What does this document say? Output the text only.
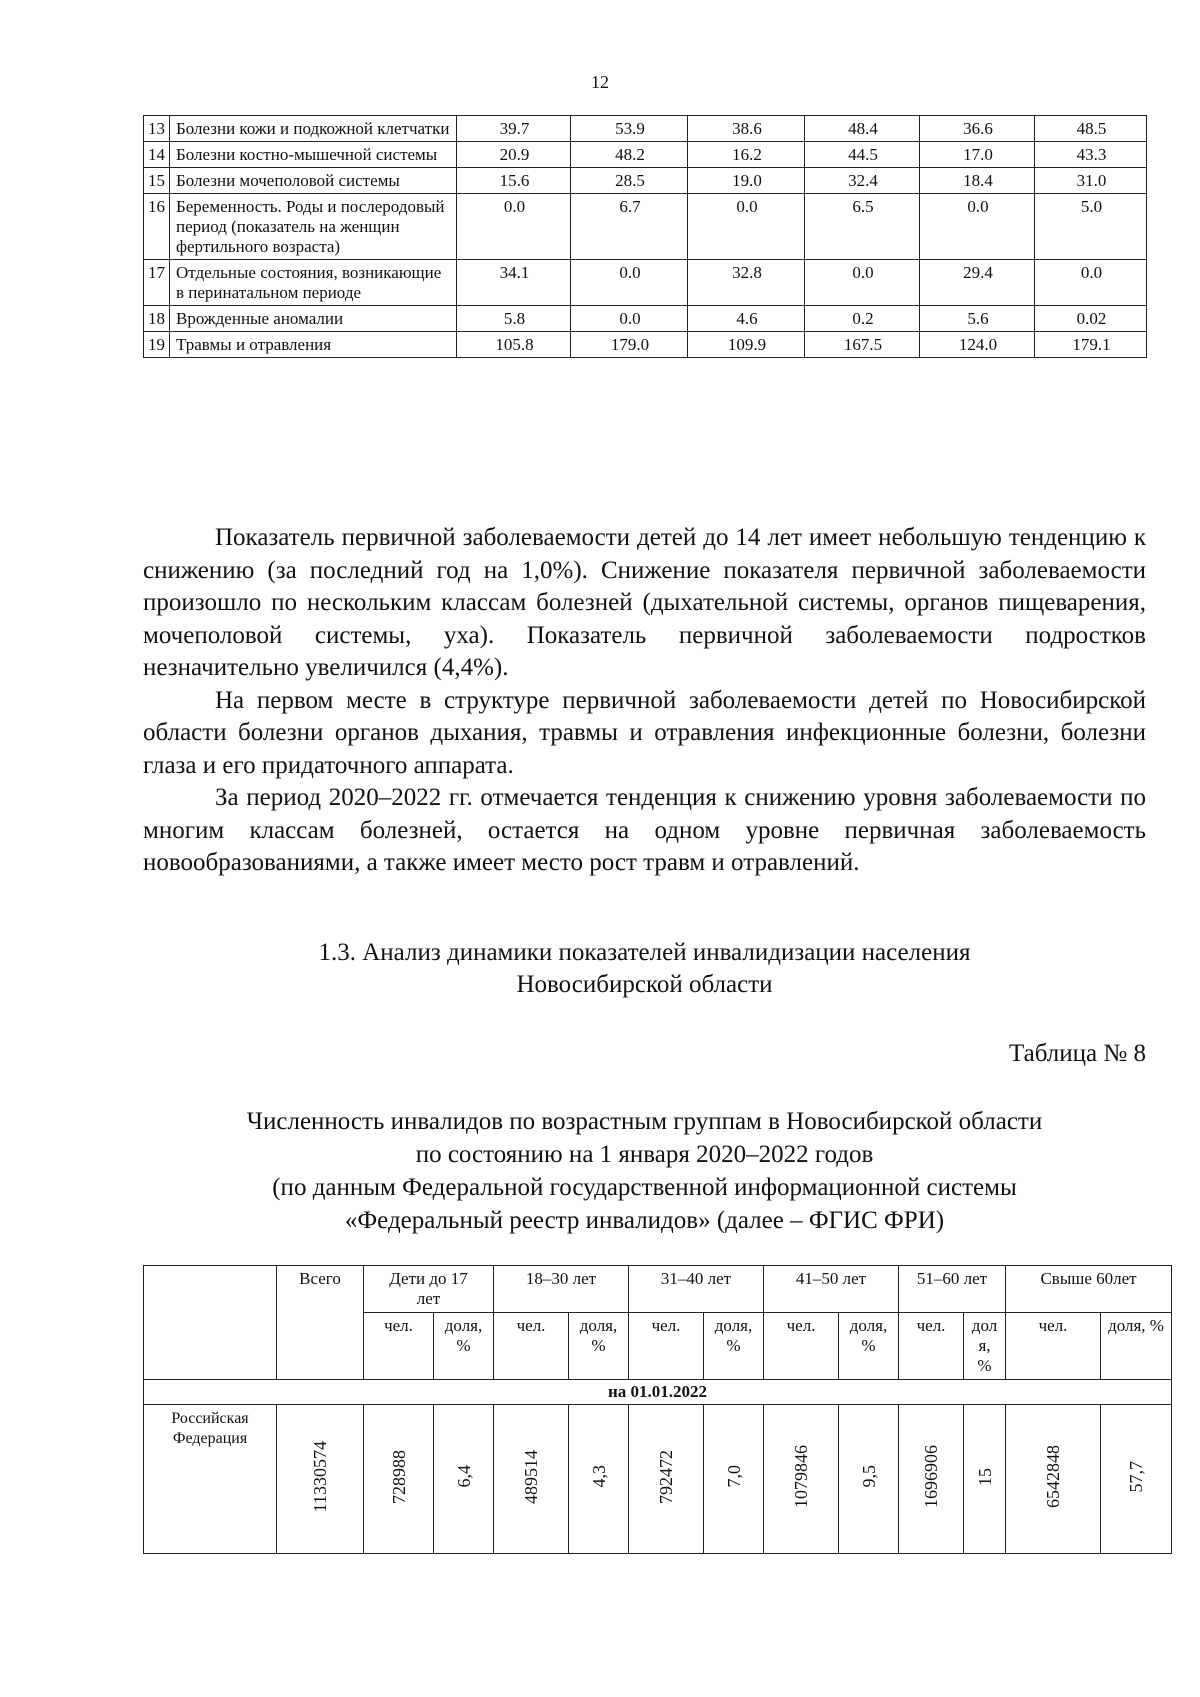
12
13	Болезни кожи и подкожной клетчатки	39.7	53.9	38.6	48.4	36.6	48.5
14	Болезни костно-мышечной системы	20.9	48.2	16.2	44.5	17.0	43.3
15	Болезни мочеполовой системы	15.6	28.5	19.0	32.4	18.4	31.0
16	Беременность. Роды и послеродовый период (показатель на женщин фертильного возраста)	0.0	6.7	0.0	6.5	0.0	5.0
17	Отдельные состояния, возникающие в перинатальном периоде	34.1	0.0	32.8	0.0	29.4	0.0
18	Врожденные аномалии	5.8	0.0	4.6	0.2	5.6	0.02
19	Травмы и отравления	105.8	179.0	109.9	167.5	124.0	179.1

Показатель первичной заболеваемости детей до 14 лет имеет небольшую тенденцию к снижению (за последний год на 1,0%). Снижение показателя первичной заболеваемости произошло по нескольким классам болезней (дыхательной системы, органов пищеварения, мочеполовой системы, уха). Показатель первичной заболеваемости подростков незначительно увеличился (4,4%).

На первом месте в структуре первичной заболеваемости детей по Новосибирской области болезни органов дыхания, травмы и отравления инфекционные болезни, болезни глаза и его придаточного аппарата.

За период 2020–2022 гг. отмечается тенденция к снижению уровня заболеваемости по многим классам болезней, остается на одном уровне первичная заболеваемость новообразованиями, а также имеет место рост травм и отравлений.

1.3. Анализ динамики показателей инвалидизации населения
Новосибирской области
Таблица № 8
Численность инвалидов по возрастным группам в Новосибирской области
по состоянию на 1 января 2020–2022 годов
(по данным Федеральной государственной информационной системы
«Федеральный реестр инвалидов» (далее – ФГИС ФРИ)
	Всего	Дети до 17 лет		18–30 лет		31–40 лет		41–50 лет		51–60 лет		Свыше 60лет	
		чел.	доля, %	чел.	доля, %	чел.	доля, %	чел.	доля, %	чел.	доля, %	чел.	доля, %
на 01.01.2022													
Российская Федерация	11330574	728988	6,4	489514	4,3	792472	7,0	1079846	9,5	1696906	15	6542848	57,7
